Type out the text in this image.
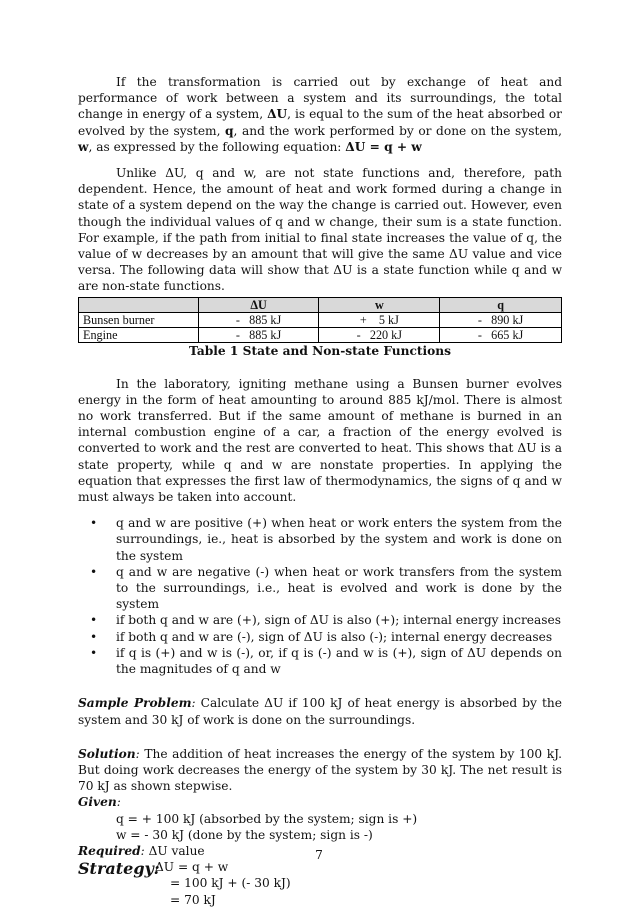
If the transformation is carried out by exchange of heat and performance of work between a system and its surroundings, the total change in energy of a system, ΔU, is equal to the sum of the heat absorbed or evolved by the system, q, and the work performed by or done on the system, w, as expressed by the following equation: ΔU = q + w

Unlike ΔU, q and w, are not state functions and, therefore, path dependent. Hence, the amount of heat and work formed during a change in state of a system depend on the way the change is carried out. However, even though the individual values of q and w change, their sum is a state function. For example, if the path from initial to final state increases the value of q, the value of w decreases by an amount that will give the same ΔU value and vice versa. The following data will show that ΔU is a state function while q and w are non-state functions.

	ΔU	w	q
Bunsen burner	-   885 kJ	+    5 kJ	-   890 kJ
Engine	-   885 kJ	-   220 kJ	-   665 kJ
Table 1 State and Non-state Functions

In the laboratory, igniting methane using a Bunsen burner evolves energy in the form of heat amounting to around 885 kJ/mol. There is almost no work transferred. But if the same amount of methane is burned in an internal combustion engine of a car, a fraction of the energy evolved is converted to work and the rest are converted to heat. This shows that ΔU is a state property, while q and w are nonstate properties. In applying the equation that expresses the first law of thermodynamics, the signs of q and w must always be taken into account.

• q and w are positive (+) when heat or work enters the system from the surroundings, ie., heat is absorbed by the system and work is done on the system
• q and w are negative (-) when heat or work transfers from the system to the surroundings, i.e., heat is evolved and work is done by the system
• if both q and w are (+), sign of ΔU is also (+); internal energy increases
• if both q and w are (-), sign of ΔU is also (-); internal energy decreases
• if q is (+) and w is (-), or, if q is (-) and w is (+), sign of ΔU depends on the magnitudes of q and w

Sample Problem: Calculate ΔU if 100 kJ of heat energy is absorbed by the system and 30 kJ of work is done on the surroundings.

Solution: The addition of heat increases the energy of the system by 100 kJ. But doing work decreases the energy of the system by 30 kJ. The net result is 70 kJ as shown stepwise.

Given:

q = + 100 kJ (absorbed by the system; sign is +)

w = - 30 kJ (done by the system; sign is -)

Required: ΔU value

Strategy:
ΔU = q + w
= 100 kJ + (- 30 kJ)
= 70 kJ
7
